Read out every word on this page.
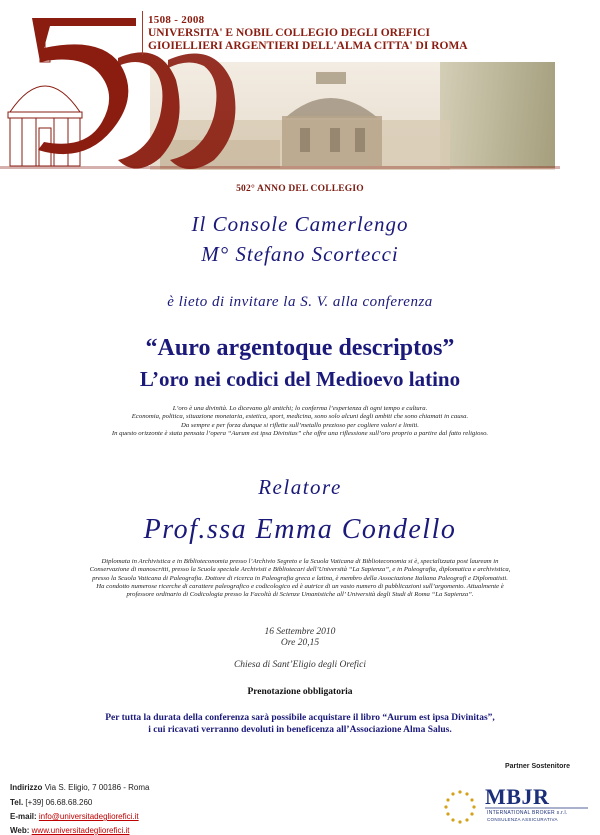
1508 - 2008
UNIVERSITA' E NOBIL COLLEGIO DEGLI OREFICI
GIOIELLIERI ARGENTIERI DELL'ALMA CITTA' DI ROMA
502° ANNO DEL COLLEGIO
Il Console Camerlengo
M° Stefano Scortecci
è lieto di invitare la S. V. alla conferenza
“Auro argentoque descriptos”
L’oro nei codici del Medioevo latino
L’oro è una divinità. Lo dicevano gli antichi; lo conferma l’esperienza di ogni tempo e cultura.
Economia, politica, situazione monetaria, estetica, sport, medicina, sono solo alcuni degli ambiti che sono chiamati in causa.
Da sempre e per forza dunque si riflette sull’metallo prezioso per cogliere valori e limiti.
In questo orizzonte è stata pensata l’opera “Aurum est ipsa Divinitas” che offre una riflessione sull’oro proprio a partire dal fatto religioso.
Relatore
Prof.ssa Emma Condello
Diplomata in Archivistica e in Biblioteconomia presso l’Archivio Segreto e la Scuola Vaticana di Biblioteconomia si è, specializzata post lauream in
Conservazione di manoscritti, presso la Scuola speciale Archivisti e Bibliotecari dell’Università “La Sapienza”, e in Paleografia, diplomatica e archivistica,
presso la Scuola Vaticana di Paleografia. Dottore di ricerca in Paleografia greca e latina, è membro della Associazione Italiana Paleografi e Diplomatisti.
Ha condotto numerose ricerche di carattere paleografico e codicologico ed è autrice di un vasto numero di pubblicazioni sull’argomento. Attualmente è
professore ordinario di Codicologia presso la Facoltà di Scienze Umanistiche all’ Università degli Studi di Roma “La Sapienza”.
16 Settembre 2010
Ore 20,15
Chiesa di Sant’Eligio degli Orefici
Prenotazione obbligatoria
Per tutta la durata della conferenza sarà possibile acquistare il libro “Aurum est ipsa Divinitas”,
i cui ricavati verranno devoluti in beneficenza all’Associazione Alma Salus.
Partner Sostenitore
MBJR
INTERNATIONAL BROKER s.r.l.
CONSULENZA ASSICURATIVA
Indirizzo Via S. Eligio, 7 00186 - Roma
Tel. [+39] 06.68.68.260
E-mail: info@universitadegliorefici.it
Web: www.universitadegliorefici.it
